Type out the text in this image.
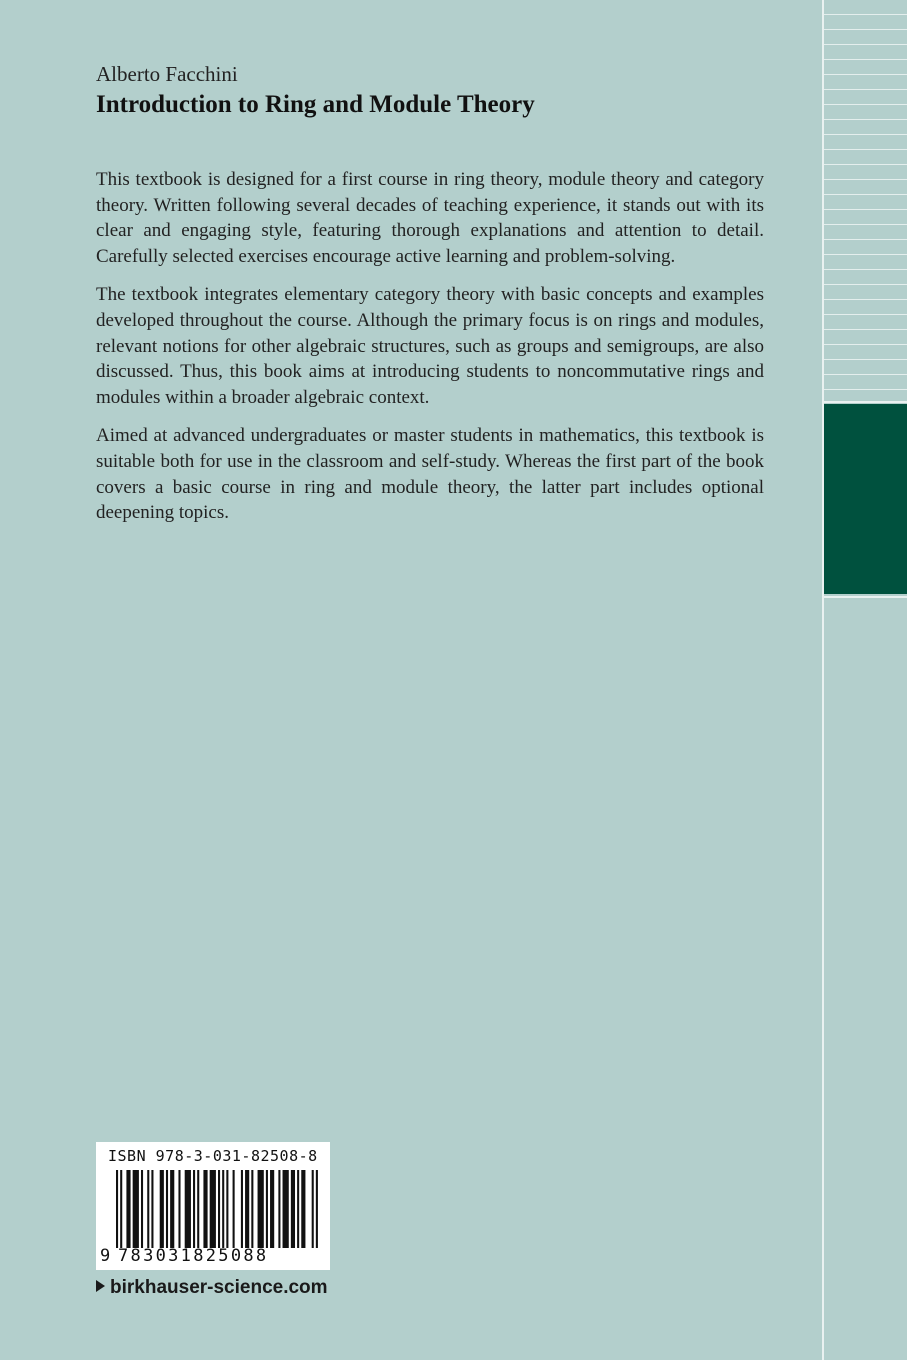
Alberto Facchini
Introduction to Ring and Module Theory

This textbook is designed for a first course in ring theory, module theory and category theory. Written following several decades of teaching experience, it stands out with its clear and engaging style, featuring thorough explanations and attention to detail. Carefully selected exercises encourage active learning and problem-solving.

The textbook integrates elementary category theory with basic concepts and examples developed throughout the course. Although the primary focus is on rings and modules, relevant notions for other algebraic structures, such as groups and semigroups, are also discussed. Thus, this book aims at introducing students to noncommutative rings and modules within a broader algebraic context.

Aimed at advanced undergraduates or master students in mathematics, this textbook is suitable both for use in the classroom and self-study. Whereas the first part of the book covers a basic course in ring and module theory, the latter part includes optional deepening topics.

ISBN 978-3-031-82508-8
9 783031825088
birkhauser-science.com
